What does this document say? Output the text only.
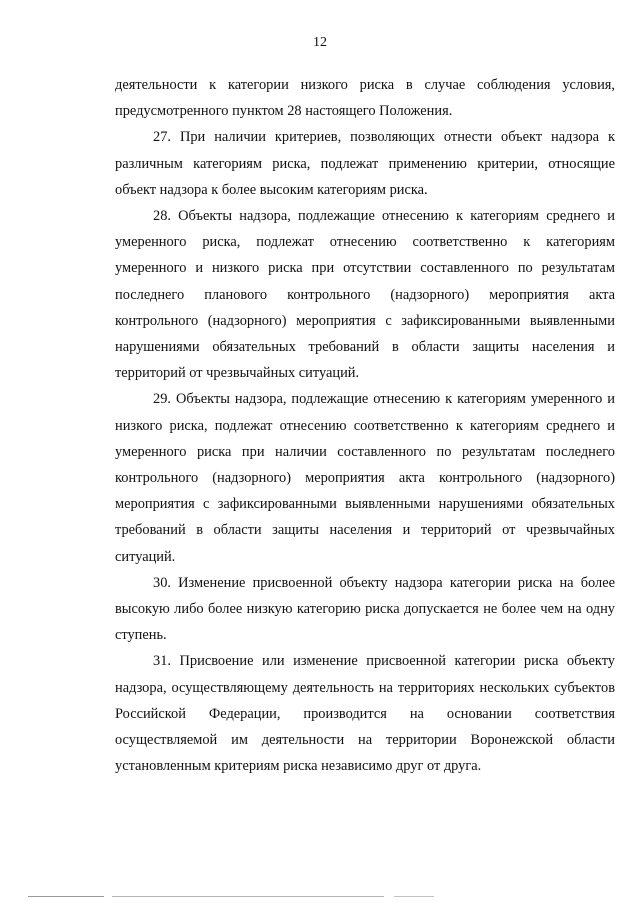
12

деятельности к категории низкого риска в случае соблюдения условия, предусмотренного пунктом 28 настоящего Положения.

27. При наличии критериев, позволяющих отнести объект надзора к различным категориям риска, подлежат применению критерии, относящие объект надзора к более высоким категориям риска.

28. Объекты надзора, подлежащие отнесению к категориям среднего и умеренного риска, подлежат отнесению соответственно к категориям умеренного и низкого риска при отсутствии составленного по результатам последнего планового контрольного (надзорного) мероприятия акта контрольного (надзорного) мероприятия с зафиксированными выявленными нарушениями обязательных требований в области защиты населения и территорий от чрезвычайных ситуаций.

29. Объекты надзора, подлежащие отнесению к категориям умеренного и низкого риска, подлежат отнесению соответственно к категориям среднего и умеренного риска при наличии составленного по результатам последнего контрольного (надзорного) мероприятия акта контрольного (надзорного) мероприятия с зафиксированными выявленными нарушениями обязательных требований в области защиты населения и территорий от чрезвычайных ситуаций.

30. Изменение присвоенной объекту надзора категории риска на более высокую либо более низкую категорию риска допускается не более чем на одну ступень.

31. Присвоение или изменение присвоенной категории риска объекту надзора, осуществляющему деятельность на территориях нескольких субъектов Российской Федерации, производится на основании соответствия осуществляемой им деятельности на территории Воронежской области установленным критериям риска независимо друг от друга.
